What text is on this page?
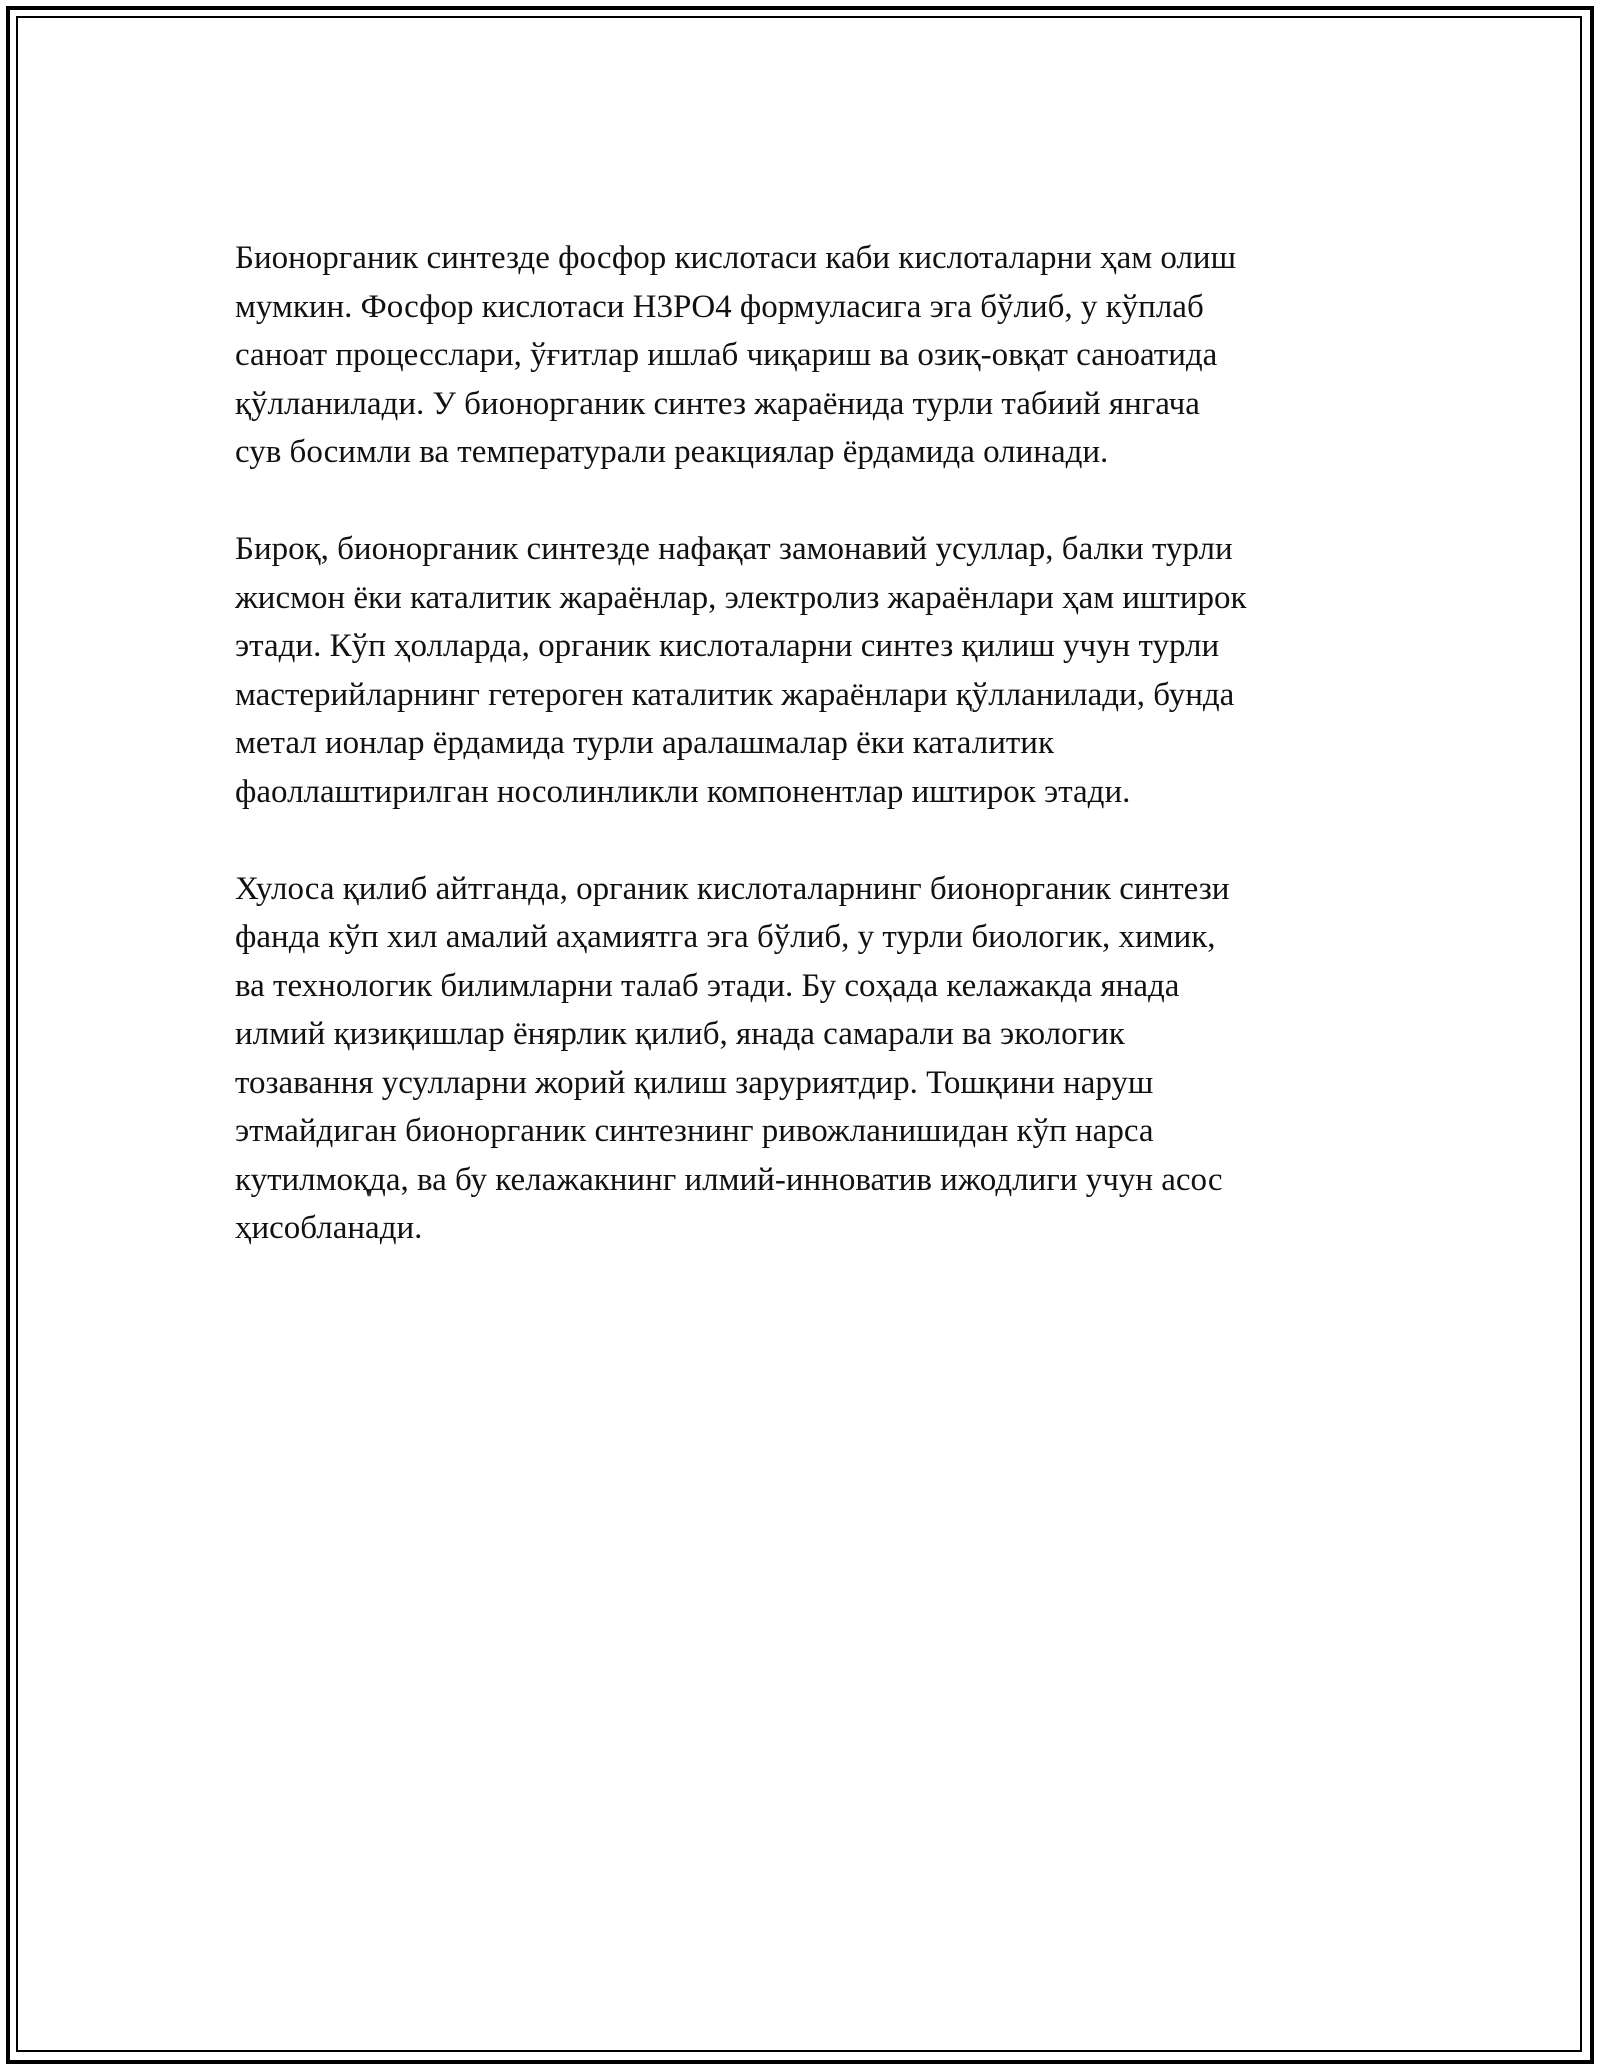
Бионорганик синтезде фосфор кислотаси каби кислоталарни ҳам олиш
мумкин. Фосфор кислотаси H3PO4 формуласига эга бўлиб, у кўплаб
саноат процесслари, ўғитлар ишлаб чиқариш ва озиқ-овқат саноатида
қўлланилади. У бионорганик синтез жараёнида турли табиий янгача
сув босимли ва температурали реакциялар ёрдамида олинади.

Бироқ, бионорганик синтезде нафақат замонавий усуллар, балки турли
жисмон ёки каталитик жараёнлар, электролиз жараёнлари ҳам иштирок
этади. Кўп ҳолларда, органик кислоталарни синтез қилиш учун турли
мастерийларнинг гетероген каталитик жараёнлари қўлланилади, бунда
метал ионлар ёрдамида турли аралашмалар ёки каталитик
фаоллаштирилган носолинликли компонентлар иштирок этади.

Хулоса қилиб айтганда, органик кислоталарнинг бионорганик синтези
фанда кўп хил амалий аҳамиятга эга бўлиб, у турли биологик, химик,
ва технологик билимларни талаб этади. Бу соҳада келажакда янада
илмий қизиқишлар ёнярлик қилиб, янада самарали ва экологик
тозавання усулларни жорий қилиш заруриятдир. Тошқини наруш
этмайдиган бионорганик синтезнинг ривожланишидан кўп нарса
кутилмоқда, ва бу келажакнинг илмий-инноватив ижодлиги учун асос
ҳисобланади.
